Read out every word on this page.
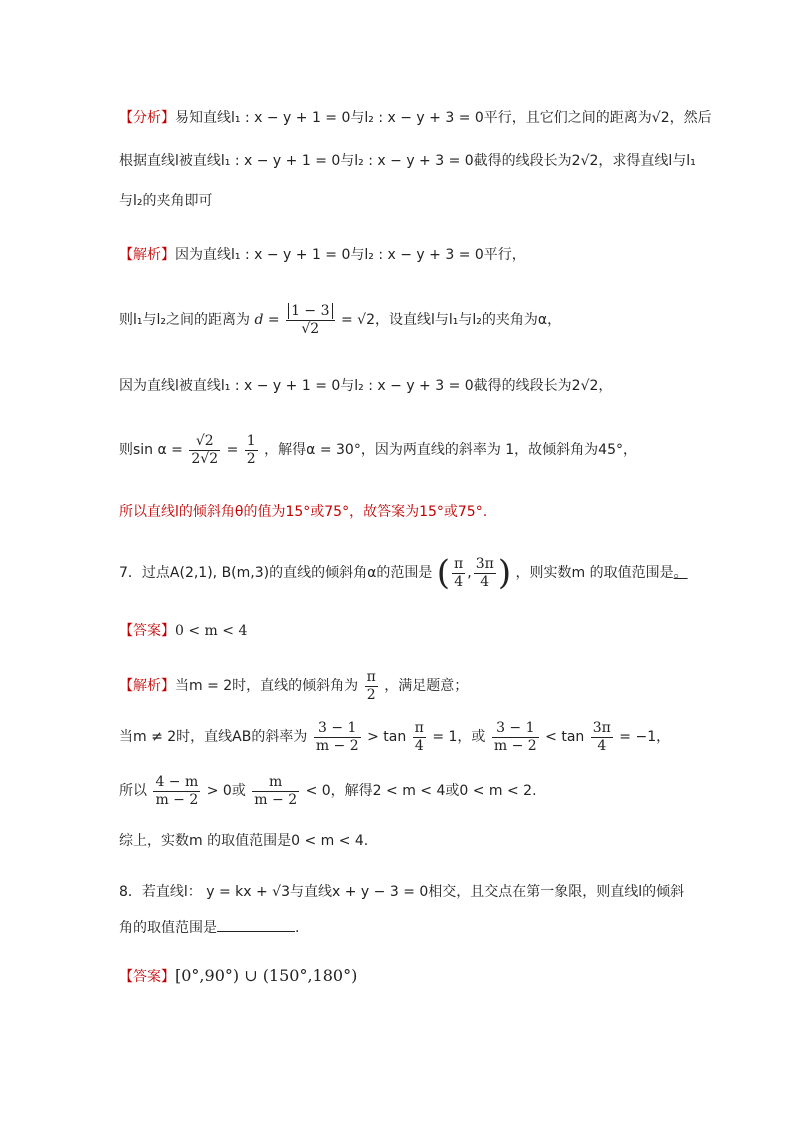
【分析】易知直线l₁ : x − y + 1 = 0与l₂ : x − y + 3 = 0平行，且它们之间的距离为√2，然后
根据直线l被直线l₁ : x − y + 1 = 0与l₂ : x − y + 3 = 0截得的线段长为2√2，求得直线l与l₁
与l₂的夹角即可
【解析】因为直线l₁ : x − y + 1 = 0与l₂ : x − y + 3 = 0平行，
则l₁与l₂之间的距离为 $d = \frac{1 - 3}{√2} = √2$，设直线l与l₁与l₂的夹角为α，
因为直线l被直线l₁ : x − y + 1 = 0与l₂ : x − y + 3 = 0截得的线段长为2√2，
则$\sin \alpha = \frac{√2}{2√2} = \frac{1}{2}$ ，解得α = 30°，因为两直线的斜率为 1，故倾斜角为45°，
所以直线l的倾斜角θ的值为15°或75°，故答案为15°或75°.
7．过点A(2,1), B(m,3)的直线的倾斜角α的范围是 ( $\frac{\pi}{4}$ , $\frac{3\pi}{4}$ ) ，则实数m 的取值范围是。
【答案】0 < m < 4
【解析】当m = 2时，直线的倾斜角为 $\frac{\pi}{2}$ ，满足题意；
当m ≠ 2时，直线AB的斜率为 $\frac{3 - 1}{m - 2} > \tan \frac{\pi}{4} = 1$，或 $\frac{3 - 1}{m - 2} < \tan \frac{3\pi}{4} = -1$，
所以 $\frac{4 - m}{m - 2} > 0$或 $\frac{m}{m - 2} < 0$，解得2 < m < 4或0 < m < 2.
综上，实数m 的取值范围是0 < m < 4.
8．若直线l： y = kx + √3与直线x + y − 3 = 0相交，且交点在第一象限，则直线l的倾斜
角的取值范围是	.
【答案】[0°,90°) ∪ (150°,180°)
